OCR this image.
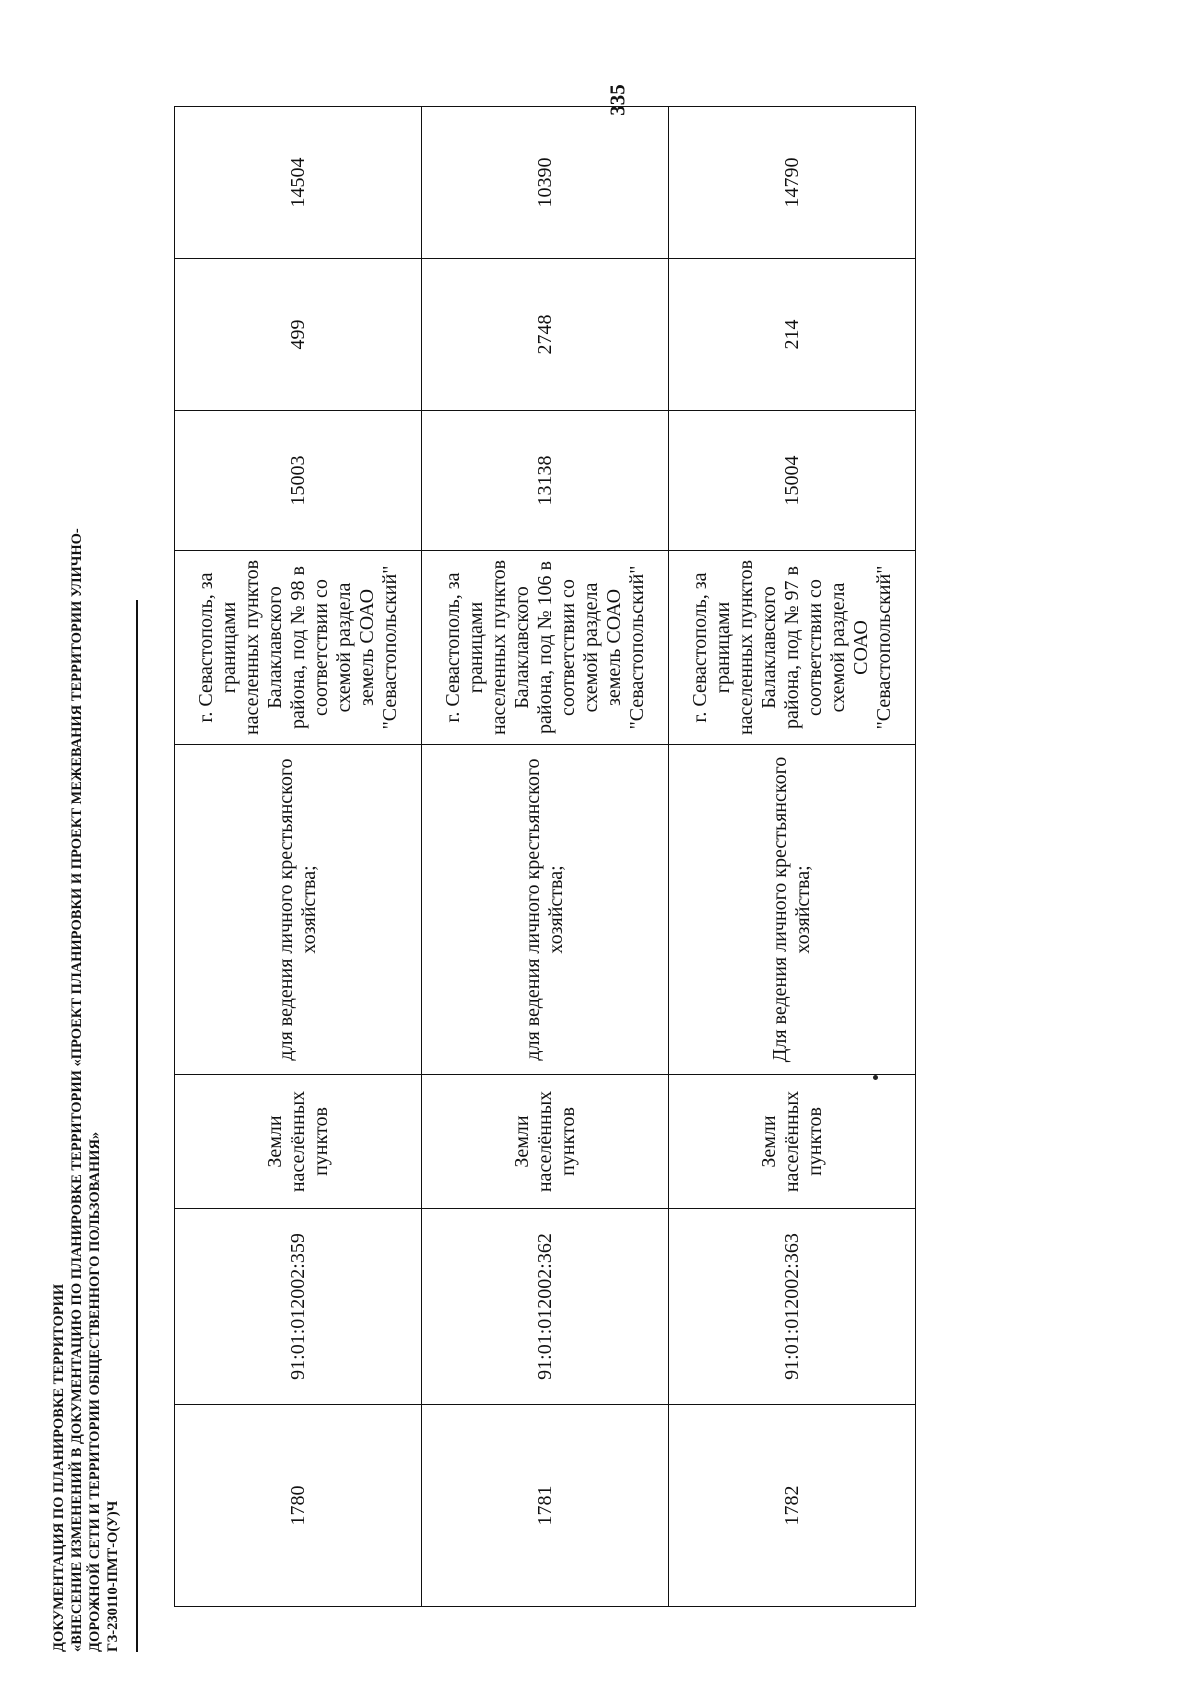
335
ДОКУМЕНТАЦИЯ ПО ПЛАНИРОВКЕ ТЕРРИТОРИИ «ВНЕСЕНИЕ ИЗМЕНЕНИЙ В ДОКУМЕНТАЦИЮ ПО ПЛАНИРОВКЕ ТЕРРИТОРИИ «ПРОЕКТ ПЛАНИРОВКИ И ПРОЕКТ МЕЖЕВАНИЯ ТЕРРИТОРИИ УЛИЧНО- ДОРОЖНОЙ СЕТИ И ТЕРРИТОРИИ ОБЩЕСТВЕННОГО ПОЛЬЗОВАНИЯ» ГЗ-230110-ПМТ-О(У)Ч	1780	91:01:012002:359	Земли населённых пунктов	для ведения личного крестьянского хозяйства;	г. Севастополь, за границами населенных пунктов Балаклавского района, под № 98 в соответствии со схемой раздела земель СОАО "Севастопольский"	15003	499	14504
1781	91:01:012002:362	Земли населённых пунктов	для ведения личного крестьянского хозяйства;	г. Севастополь, за границами населенных пунктов Балаклавского района, под № 106 в соответствии со схемой раздела земель СОАО "Севастопольский"	13138	2748	10390
1782	91:01:012002:363	Земли населённых пунктов	Для ведения личного крестьянского хозяйства;	г. Севастополь, за границами населенных пунктов Балаклавского района, под № 97 в соответствии со схемой раздела СОАО "Севастопольский"	15004	214	14790
